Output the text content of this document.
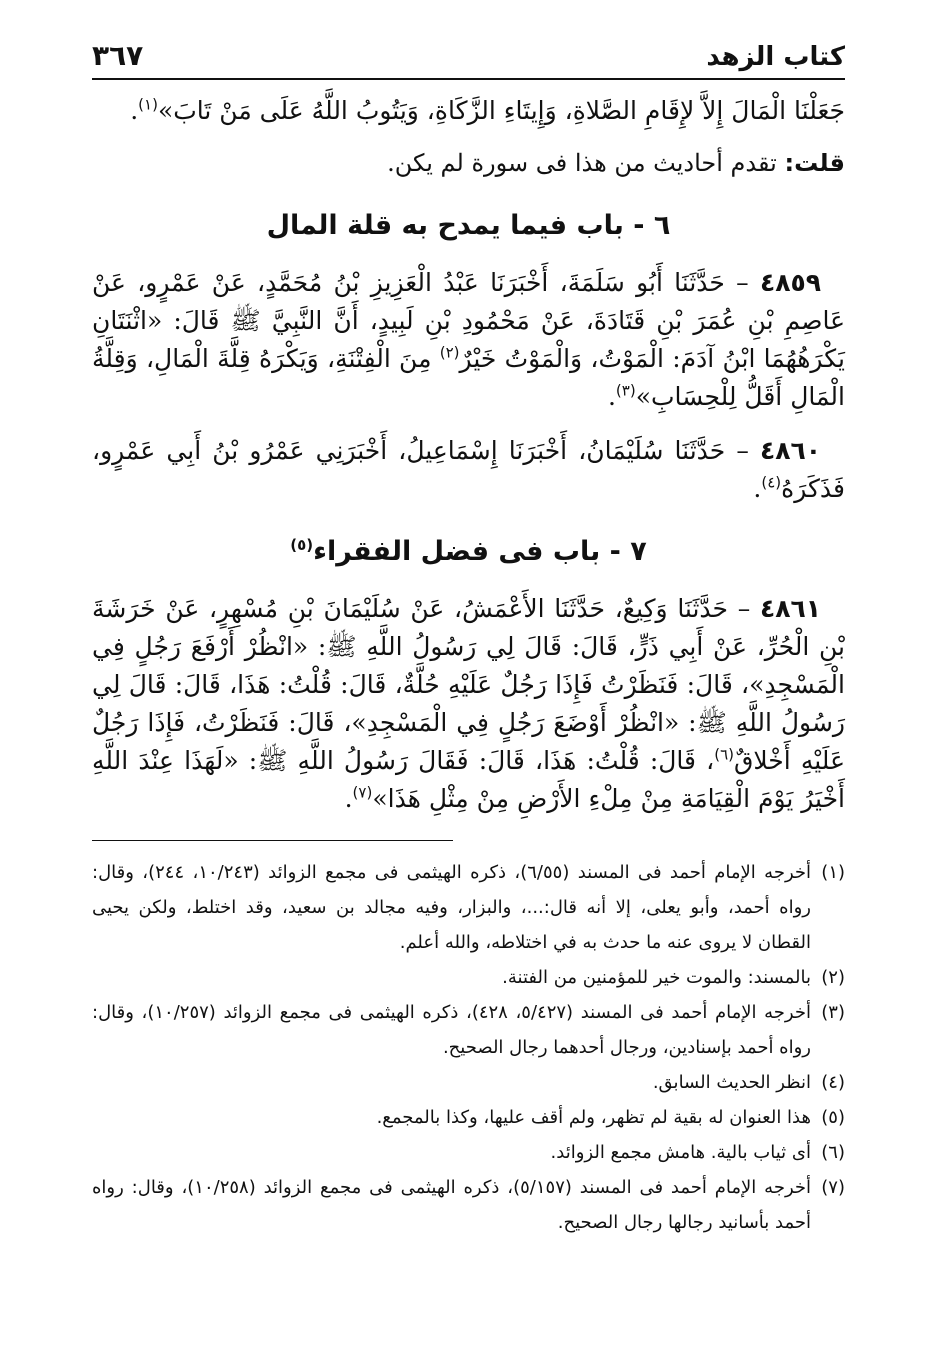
كتاب الزهد
٣٦٧

جَعَلْنَا الْمَالَ إِلاَّ لإِقَامِ الصَّلاةِ، وَإِيتَاءِ الزَّكَاةِ، وَيَتُوبُ اللَّهُ عَلَى مَنْ تَابَ»$^{(١)}$.

قلت: تقدم أحاديث من هذا فى سورة لم يكن.

٦ - باب فيما يمدح به قلة المال

٤٨٥٩ – حَدَّثَنَا أَبُو سَلَمَةَ، أَخْبَرَنَا عَبْدُ الْعَزِيزِ بْنُ مُحَمَّدٍ، عَنْ عَمْرٍو، عَنْ عَاصِمِ بْنِ عُمَرَ بْنِ قَتَادَةَ، عَنْ مَحْمُودِ بْنِ لَبِيدٍ، أَنَّ النَّبِيَّ ﷺ قَالَ: «اثْنَتَانِ يَكْرَهُهُمَا ابْنُ آدَمَ: الْمَوْتُ، وَالْمَوْتُ خَيْرٌ$^{(٢)}$ مِنَ الْفِتْنَةِ، وَيَكْرَهُ قِلَّةَ الْمَالِ، وَقِلَّةُ الْمَالِ أَقَلُّ لِلْحِسَابِ»$^{(٣)}$.

٤٨٦٠ – حَدَّثَنَا سُلَيْمَانُ، أَخْبَرَنَا إِسْمَاعِيلُ، أَخْبَرَنِي عَمْرُو بْنُ أَبِي عَمْرٍو، فَذَكَرَهُ$^{(٤)}$.

٧ - باب فى فضل الفقراء$^{(٥)}$

٤٨٦١ – حَدَّثَنَا وَكِيعٌ، حَدَّثَنَا الأَعْمَشُ، عَنْ سُلَيْمَانَ بْنِ مُسْهِرٍ، عَنْ خَرَشَةَ بْنِ الْحُرِّ، عَنْ أَبِي ذَرٍّ، قَالَ: قَالَ لِي رَسُولُ اللَّهِ ﷺ: «انْظُرْ أَرْفَعَ رَجُلٍ فِي الْمَسْجِدِ»، قَالَ: فَنَظَرْتُ فَإِذَا رَجُلٌ عَلَيْهِ حُلَّةٌ، قَالَ: قُلْتُ: هَذَا، قَالَ: قَالَ لِي رَسُولُ اللَّهِ ﷺ: «انْظُرْ أَوْضَعَ رَجُلٍ فِي الْمَسْجِدِ»، قَالَ: فَنَظَرْتُ، فَإِذَا رَجُلٌ عَلَيْهِ أَخْلاقٌ$^{(٦)}$، قَالَ: قُلْتُ: هَذَا، قَالَ: فَقَالَ رَسُولُ اللَّهِ ﷺ: «لَهَذَا عِنْدَ اللَّهِ أَخْيَرُ يَوْمَ الْقِيَامَةِ مِنْ مِلْءِ الأَرْضِ مِنْ مِثْلِ هَذَا»$^{(٧)}$.

(١)أخرجه الإمام أحمد فى المسند (٦/٥٥)، ذكره الهيثمى فى مجمع الزوائد (١٠/٢٤٣، ٢٤٤)، وقال: رواه أحمد، وأبو يعلى، إلا أنه قال:...، والبزار، وفيه مجالد بن سعيد، وقد اختلط، ولكن يحيى القطان لا يروى عنه ما حدث به في اختلاطه، والله أعلم.

(٢)بالمسند: والموت خير للمؤمنين من الفتنة.

(٣)أخرجه الإمام أحمد فى المسند (٥/٤٢٧، ٤٢٨)، ذكره الهيثمى فى مجمع الزوائد (١٠/٢٥٧)، وقال: رواه أحمد بإسنادين، ورجال أحدهما رجال الصحيح.

(٤)انظر الحديث السابق.

(٥)هذا العنوان له بقية لم تظهر، ولم أقف عليها، وكذا بالمجمع.

(٦)أى ثياب بالية. هامش مجمع الزوائد.

(٧)أخرجه الإمام أحمد فى المسند (٥/١٥٧)، ذكره الهيثمى فى مجمع الزوائد (١٠/٢٥٨)، وقال: رواه أحمد بأسانيد رجالها رجال الصحيح.
